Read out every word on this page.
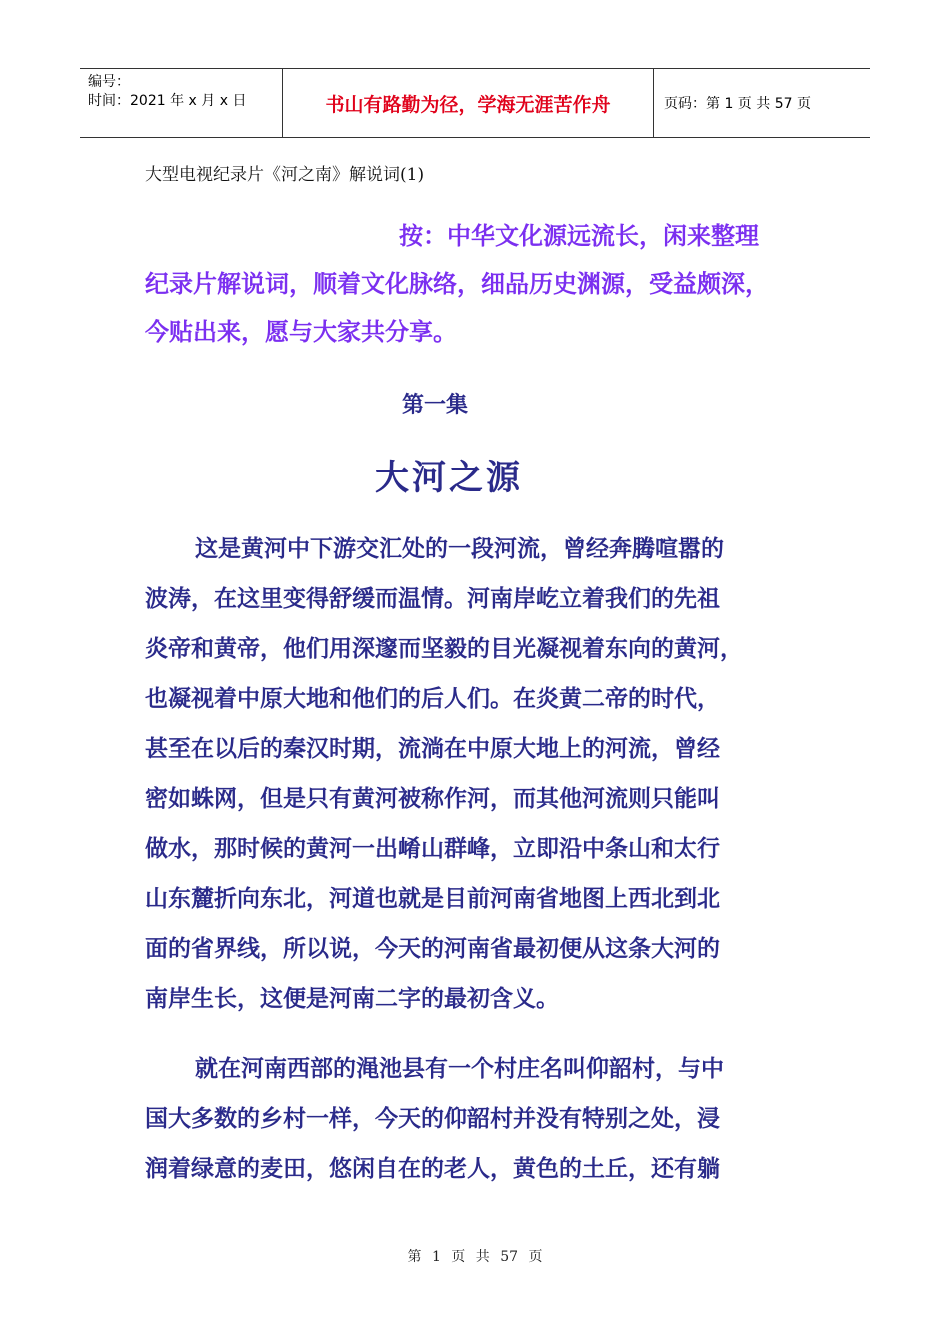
编号：
时间：2021 年 x 月 x 日	书山有路勤为径，学海无涯苦作舟	页码：第 1 页 共 57 页
大型电视纪录片《河之南》解说词(1)
按：中华文化源远流长，闲来整理
纪录片解说词，顺着文化脉络，细品历史渊源，受益颇深，
今贴出来，愿与大家共分享。
第一集
大河之源
这是黄河中下游交汇处的一段河流，曾经奔腾喧嚣的
波涛，在这里变得舒缓而温情。河南岸屹立着我们的先祖
炎帝和黄帝，他们用深邃而坚毅的目光凝视着东向的黄河，
也凝视着中原大地和他们的后人们。在炎黄二帝的时代，
甚至在以后的秦汉时期，流淌在中原大地上的河流，曾经
密如蛛网，但是只有黄河被称作河，而其他河流则只能叫
做水，那时候的黄河一出崤山群峰，立即沿中条山和太行
山东麓折向东北，河道也就是目前河南省地图上西北到北
面的省界线，所以说，今天的河南省最初便从这条大河的
南岸生长，这便是河南二字的最初含义。
就在河南西部的渑池县有一个村庄名叫仰韶村，与中
国大多数的乡村一样，今天的仰韶村并没有特别之处，浸
润着绿意的麦田，悠闲自在的老人，黄色的土丘，还有躺
第 1 页 共 57 页
